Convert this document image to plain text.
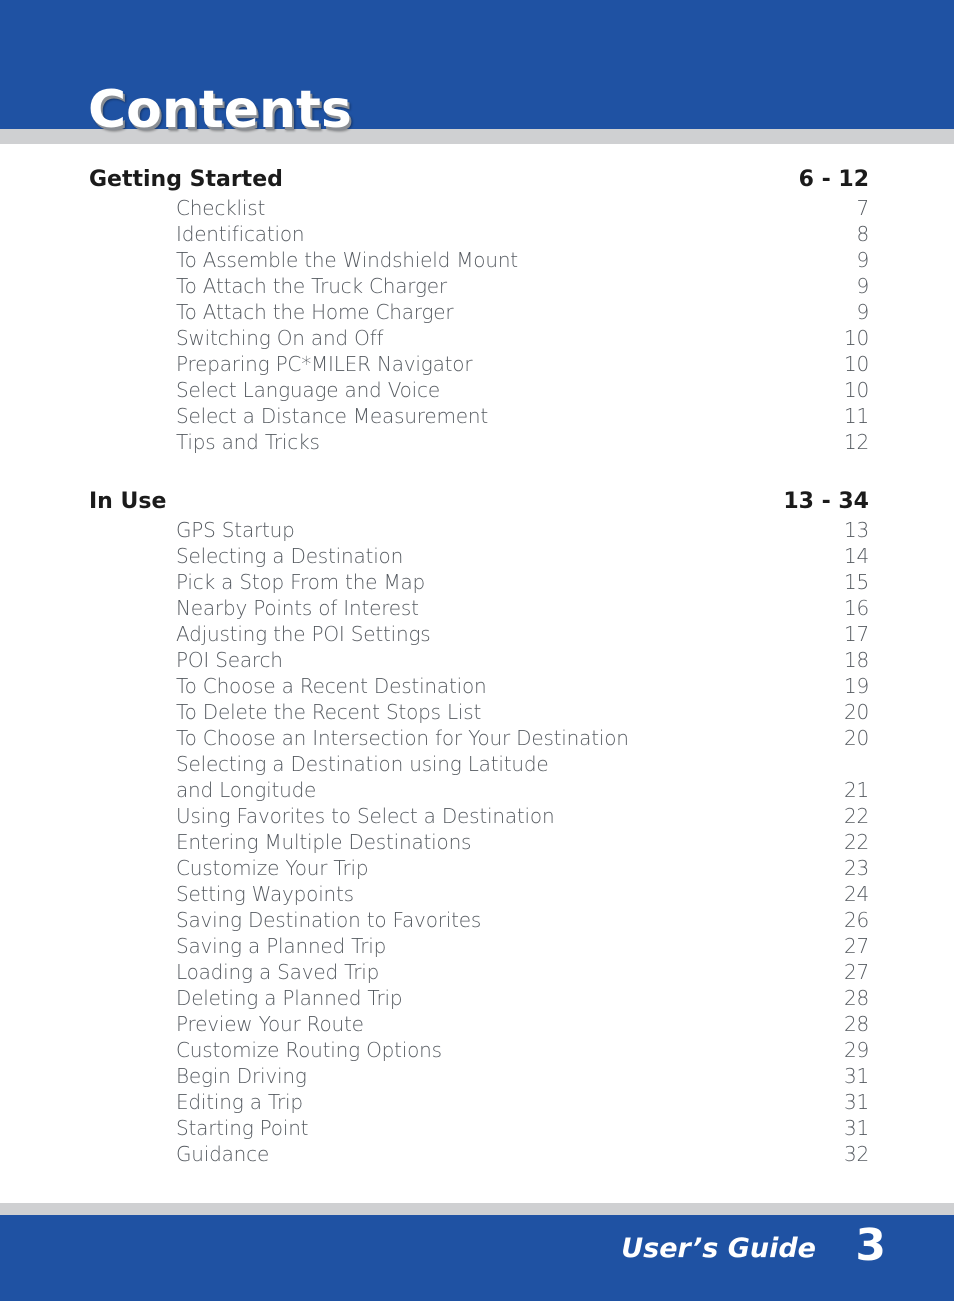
Contents
Getting Started	6 - 12
Checklist	7
Identification	8
To Assemble the Windshield Mount	9
To Attach the Truck Charger	9
To Attach the Home Charger	9
Switching On and Off	10
Preparing PC*MILER Navigator	10
Select Language and Voice	10
Select a Distance Measurement	11
Tips and Tricks	12
In Use	13 - 34
GPS Startup	13
Selecting a Destination	14
Pick a Stop From the Map	15
Nearby Points of Interest	16
Adjusting the POI Settings	17
POI Search	18
To Choose a Recent Destination	19
To Delete the Recent Stops List	20
To Choose an Intersection for Your Destination	20
Selecting a Destination using Latitude
and Longitude	21
Using Favorites to Select a Destination	22
Entering Multiple Destinations	22
Customize Your Trip	23
Setting Waypoints	24
Saving Destination to Favorites	26
Saving a Planned Trip	27
Loading a Saved Trip	27
Deleting a Planned Trip	28
Preview Your Route	28
Customize Routing Options	29
Begin Driving	31
Editing a Trip	31
Starting Point	31
Guidance	32
User’s Guide 3
